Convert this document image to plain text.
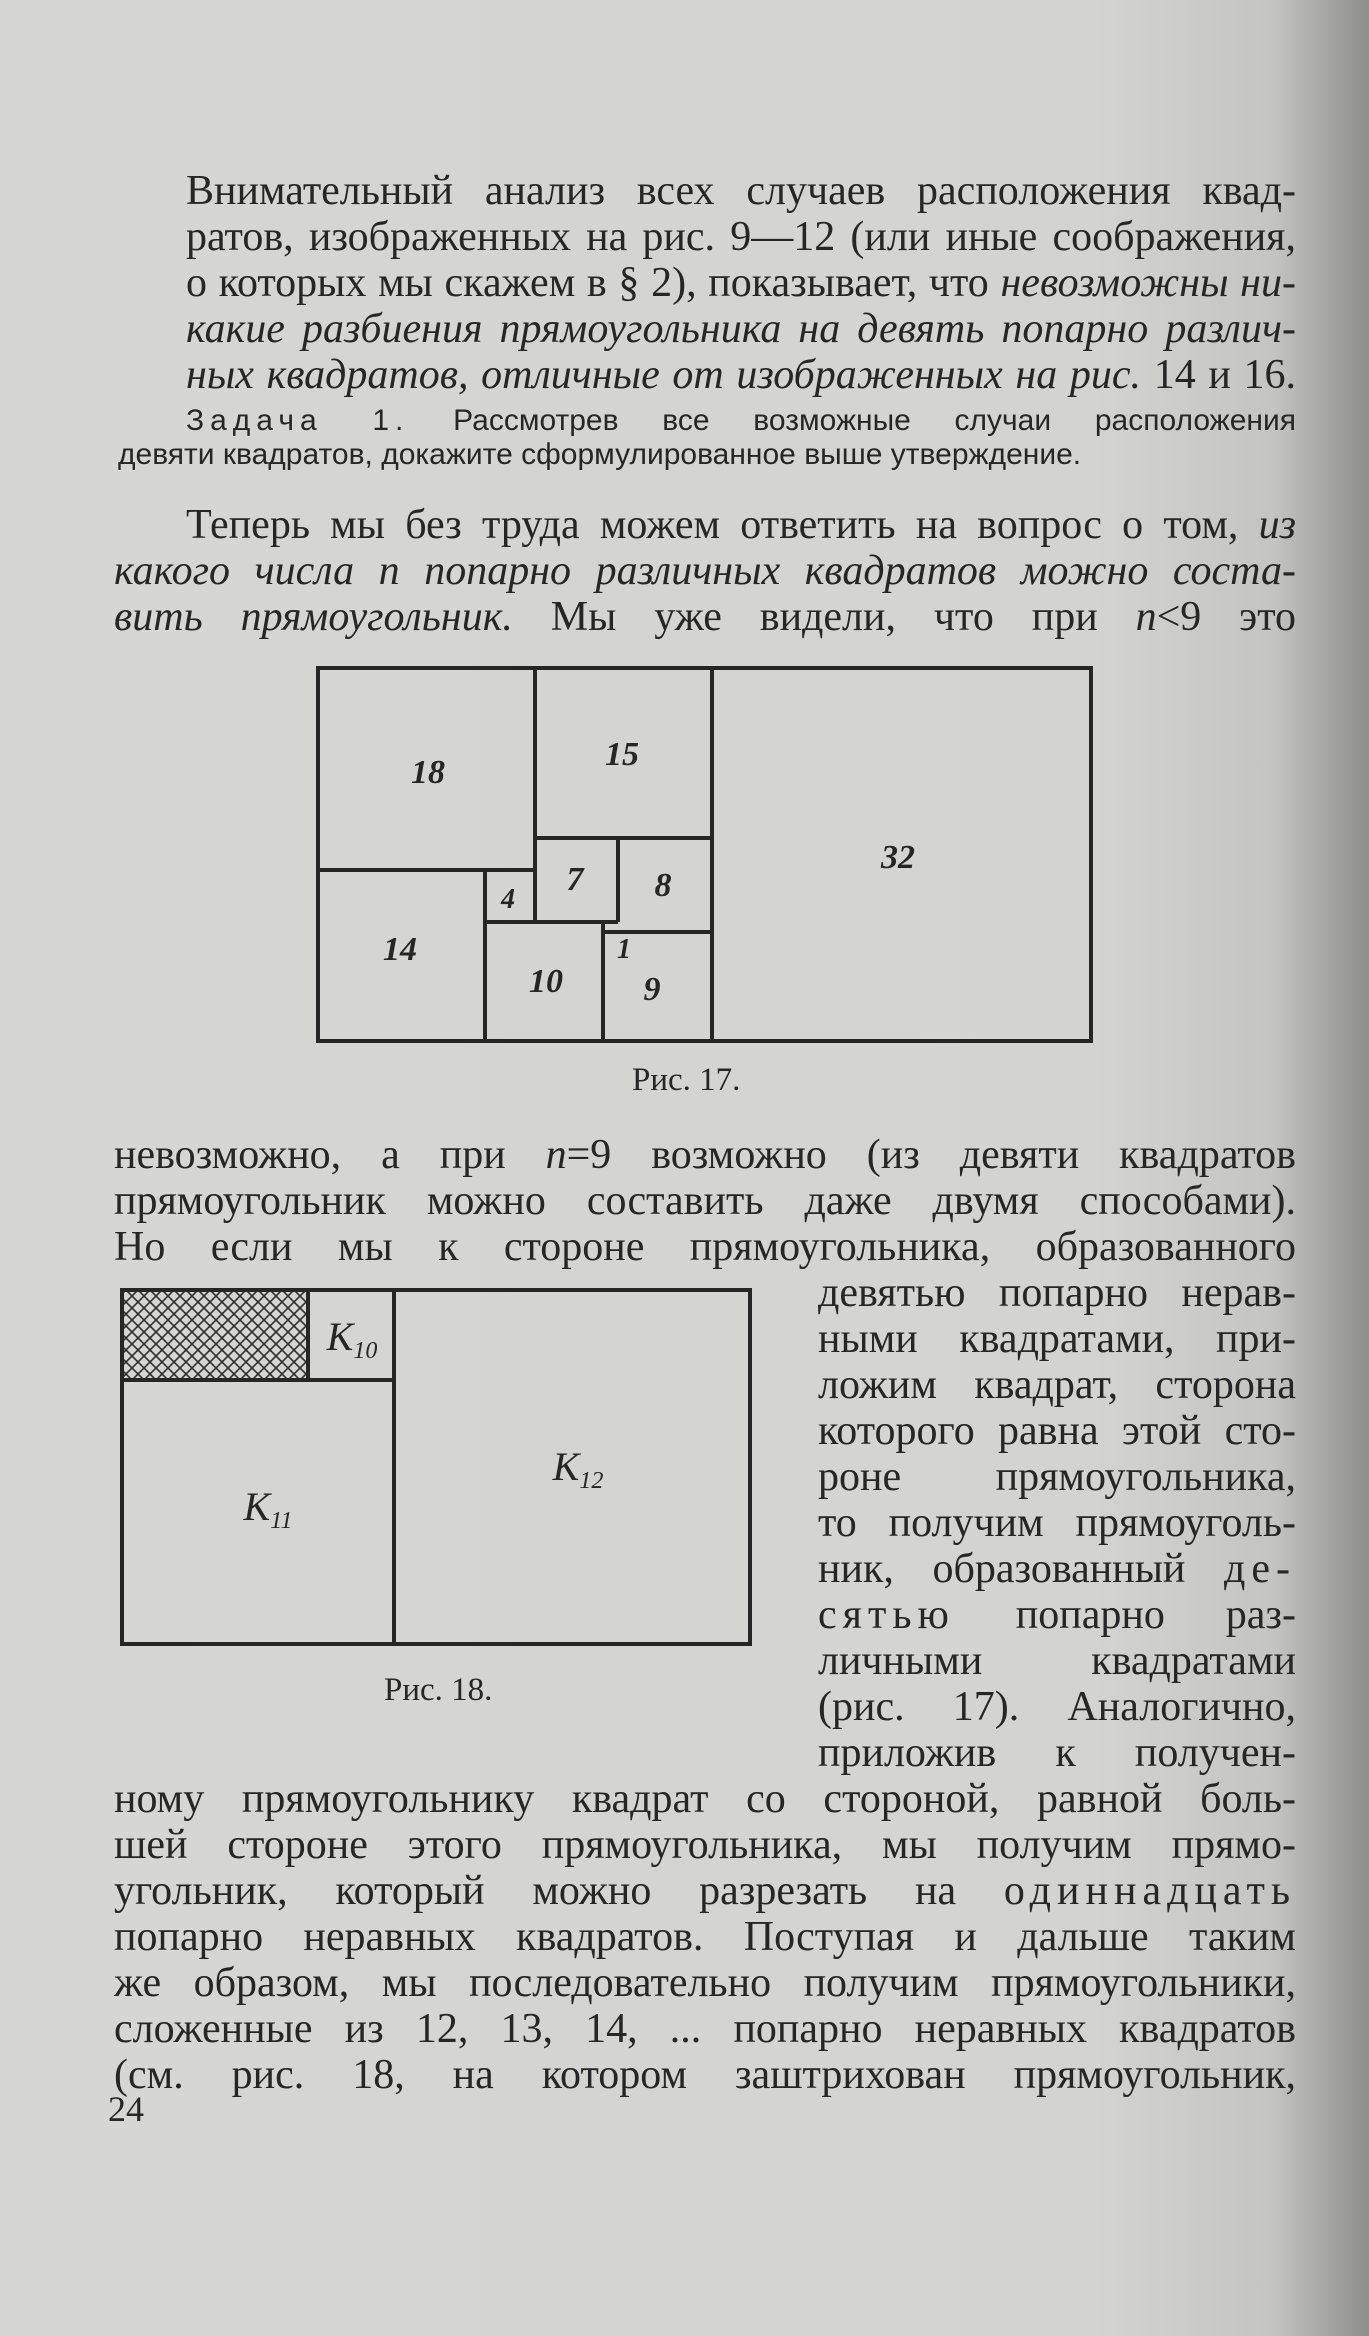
Внимательный анализ всех случаев расположения квад-
ратов, изображенных на рис. 9—12 (или иные соображения,
о которых мы скажем в § 2), показывает, что невозможны ни-
какие разбиения прямоугольника на девять попарно различ-
ных квадратов, отличные от изображенных на рис. 14 и 16.
Задача 1. Рассмотрев все возможные случаи расположения
девяти квадратов, докажите сформулированное выше утверждение.
Теперь мы без труда можем ответить на вопрос о том, из
какого числа n попарно различных квадратов можно соста-
вить прямоугольник. Мы уже видели, что при n<9 это
18	15
32
7 8
4
14
10
1
9
Рис. 17.
невозможно, а при n=9 возможно (из девяти квадратов
прямоугольник можно составить даже двумя способами).
Но если мы к стороне прямоугольника, образованного
$K_{10}$
$K_{11}$
$K_{12}$
Рис. 18.
девятью попарно нерав-
ными квадратами, при-
ложим квадрат, сторона
которого равна этой сто-
роне прямоугольника,
то получим прямоуголь-
ник, образованный де-
сятью попарно раз-
личными квадратами
(рис. 17). Аналогично,
приложив к получен-
ному прямоугольнику квадрат со стороной, равной боль-
шей стороне этого прямоугольника, мы получим прямо-
угольник, который можно разрезать на одиннадцать
попарно неравных квадратов. Поступая и дальше таким
же образом, мы последовательно получим прямоугольники,
сложенные из 12, 13, 14, ... попарно неравных квадратов
(см. рис. 18, на котором заштрихован прямоугольник,
24
